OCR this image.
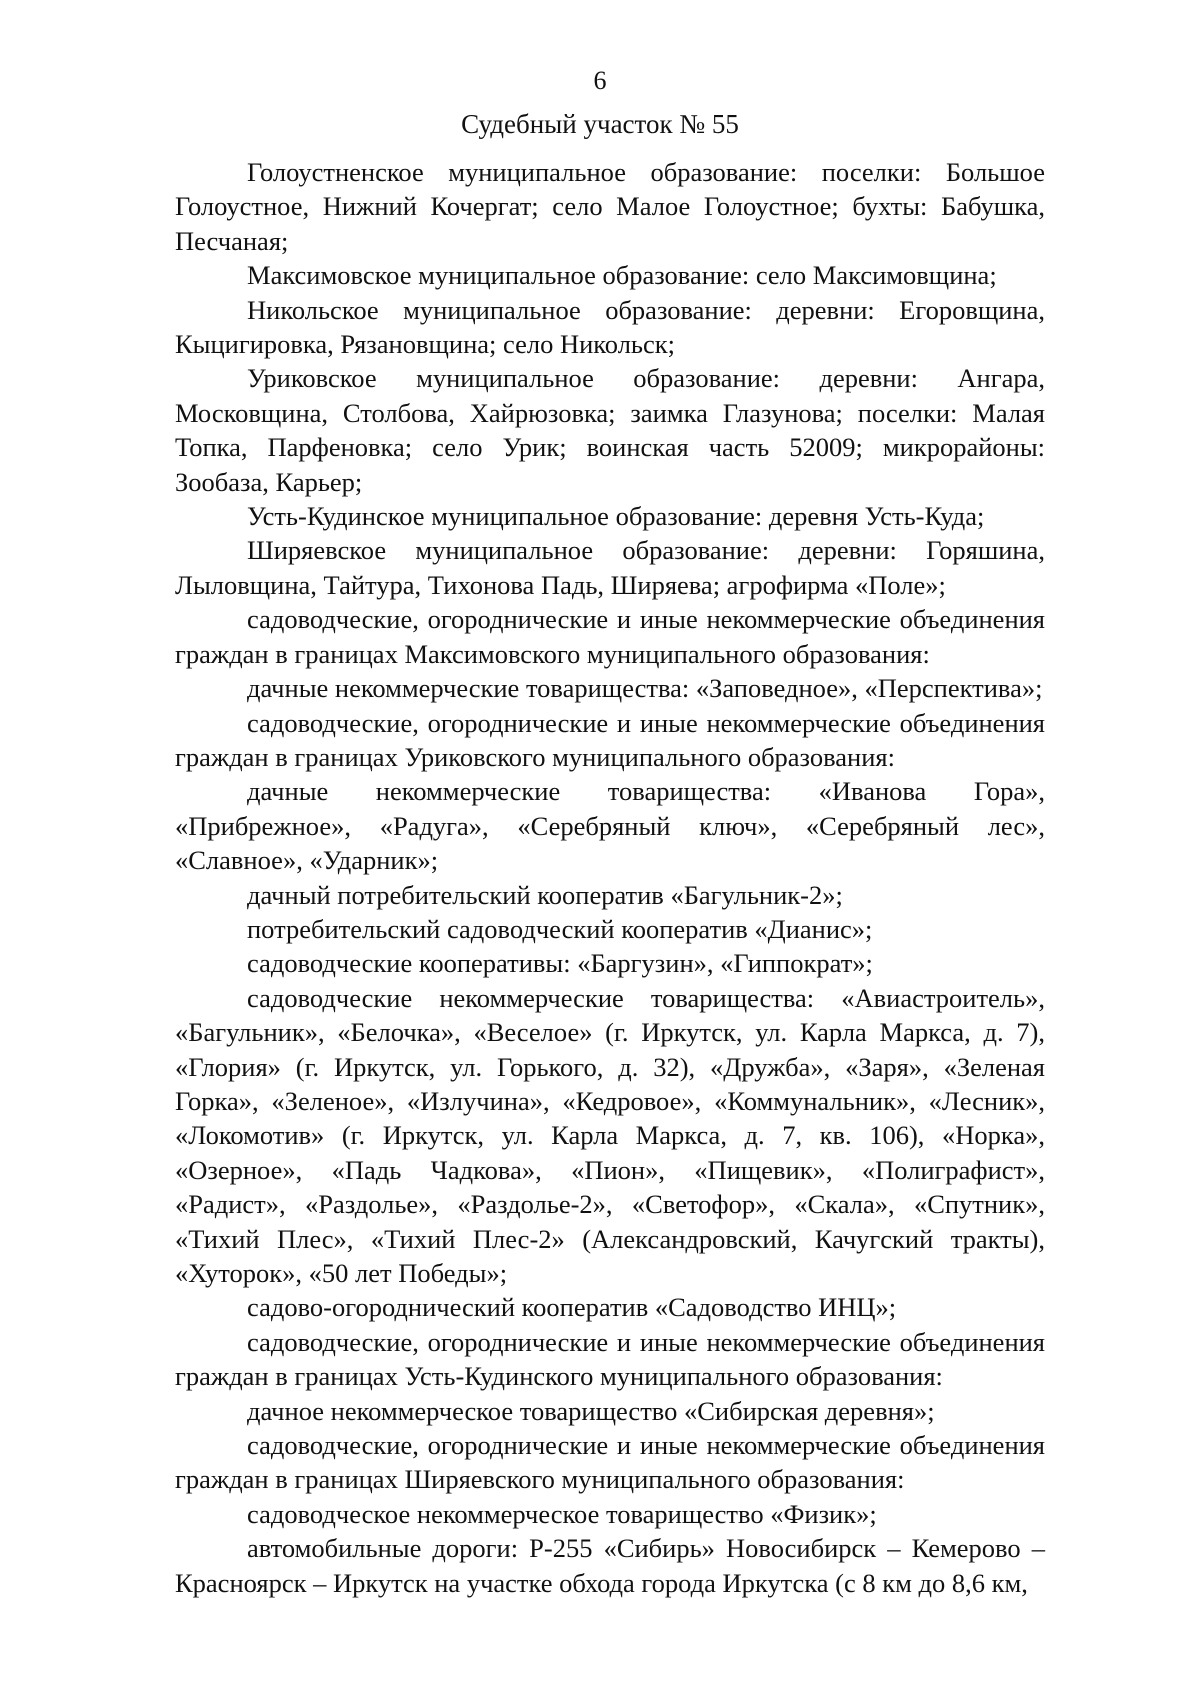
6
Судебный участок № 55

Голоустненское муниципальное образование: поселки: Большое Голоустное, Нижний Кочергат; село Малое Голоустное; бухты: Бабушка, Песчаная;

Максимовское муниципальное образование: село Максимовщина;

Никольское муниципальное образование: деревни: Егоровщина, Кыцигировка, Рязановщина; село Никольск;

Уриковское муниципальное образование: деревни: Ангара, Московщина, Столбова, Хайрюзовка; заимка Глазунова; поселки: Малая Топка, Парфеновка; село Урик; воинская часть 52009; микрорайоны: Зообаза, Карьер;

Усть-Кудинское муниципальное образование: деревня Усть-Куда;

Ширяевское муниципальное образование: деревни: Горяшина, Лыловщина, Тайтура, Тихонова Падь, Ширяева; агрофирма «Поле»;

садоводческие, огороднические и иные некоммерческие объединения граждан в границах Максимовского муниципального образования:

дачные некоммерческие товарищества: «Заповедное», «Перспектива»;

садоводческие, огороднические и иные некоммерческие объединения граждан в границах Уриковского муниципального образования:

дачные некоммерческие товарищества: «Иванова Гора», «Прибрежное», «Радуга», «Серебряный ключ», «Серебряный лес», «Славное», «Ударник»;

дачный потребительский кооператив «Багульник-2»;

потребительский садоводческий кооператив «Дианис»;

садоводческие кооперативы: «Баргузин», «Гиппократ»;

садоводческие некоммерческие товарищества: «Авиастроитель», «Багульник», «Белочка», «Веселое» (г. Иркутск, ул. Карла Маркса, д. 7), «Глория» (г. Иркутск, ул. Горького, д. 32), «Дружба», «Заря», «Зеленая Горка», «Зеленое», «Излучина», «Кедровое», «Коммунальник», «Лесник», «Локомотив» (г. Иркутск, ул. Карла Маркса, д. 7, кв. 106), «Норка», «Озерное», «Падь Чадкова», «Пион», «Пищевик», «Полиграфист», «Радист», «Раздолье», «Раздолье-2», «Светофор», «Скала», «Спутник», «Тихий Плес», «Тихий Плес-2» (Александровский, Качугский тракты), «Хуторок», «50 лет Победы»;

садово-огороднический кооператив «Садоводство ИНЦ»;

садоводческие, огороднические и иные некоммерческие объединения граждан в границах Усть-Кудинского муниципального образования:

дачное некоммерческое товарищество «Сибирская деревня»;

садоводческие, огороднические и иные некоммерческие объединения граждан в границах Ширяевского муниципального образования:

садоводческое некоммерческое товарищество «Физик»;

автомобильные дороги: Р-255 «Сибирь» Новосибирск – Кемерово – Красноярск – Иркутск на участке обхода города Иркутска (с 8 км до 8,6 км,
